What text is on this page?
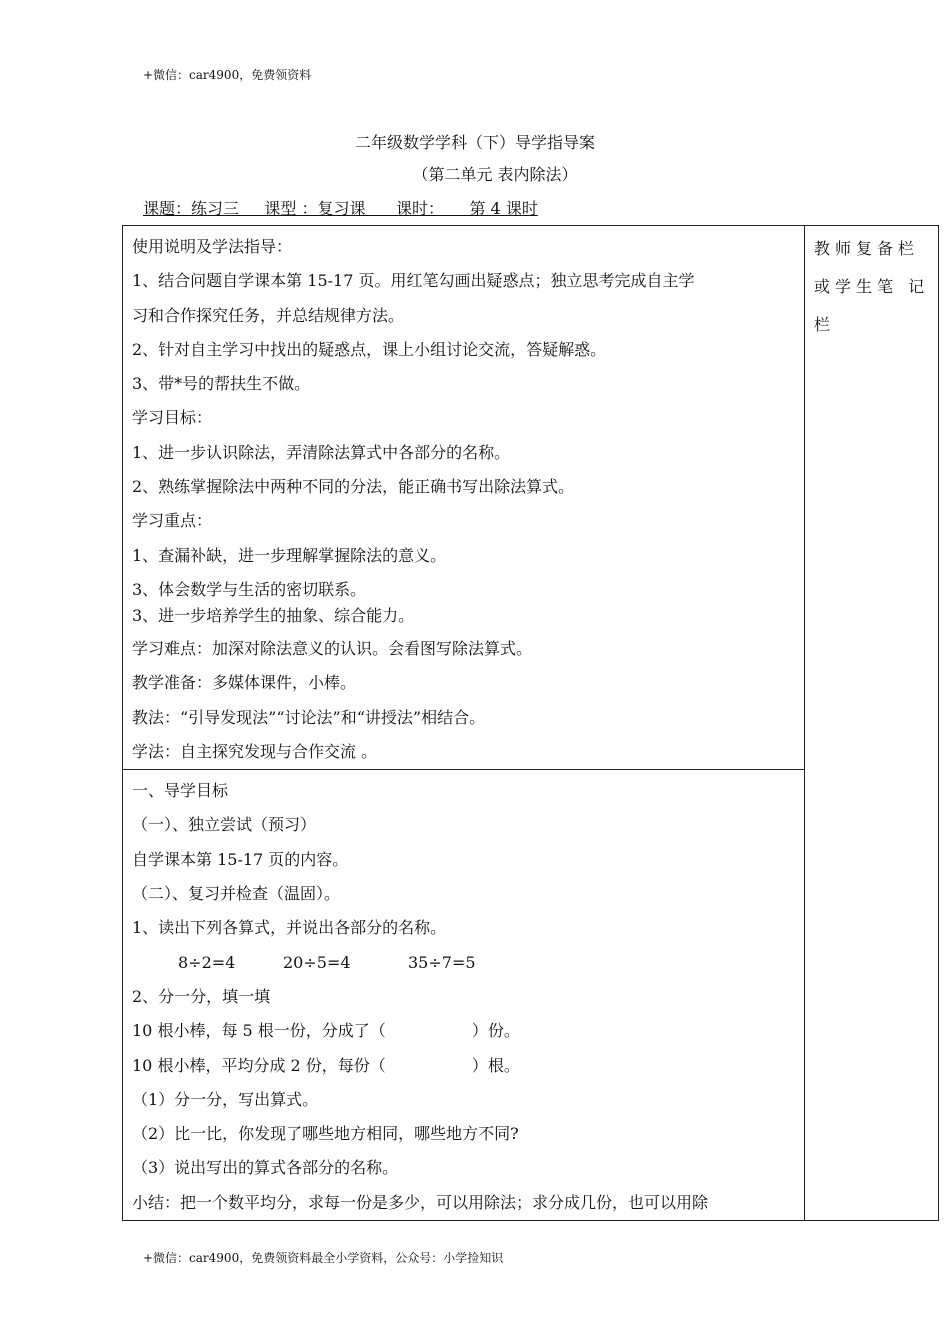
+微信：car4900，免费领资料
二年级数学学科（下）导学指导案
（第二单元 表内除法）
课题：练习三     课型 ：复习课      课时：     第 4 课时
使用说明及学法指导：
1、结合问题自学课本第 15-17 页。用红笔勾画出疑惑点；独立思考完成自主学
习和合作探究任务，并总结规律方法。
2、针对自主学习中找出的疑惑点，课上小组讨论交流，答疑解惑。
3、带*号的帮扶生不做。
学习目标：
1、进一步认识除法，弄清除法算式中各部分的名称。
2、熟练掌握除法中两种不同的分法，能正确书写出除法算式。
学习重点：
1、查漏补缺，进一步理解掌握除法的意义。
3、体会数学与生活的密切联系。
3、进一步培养学生的抽象、综合能力。
学习难点：加深对除法意义的认识。会看图写除法算式。
教学准备：多媒体课件，小棒。
教法：“引导发现法”“讨论法”和“讲授法”相结合。
学法：自主探究发现与合作交流 。

教师复备栏
或学生笔 记
栏

一、导学目标
（一）、独立尝试（预习）
自学课本第 15-17 页的内容。
（二）、复习并检查（温固）。
1、读出下列各算式，并说出各部分的名称。
8÷2=4	20÷5=4	35÷7=5
2、分一分，填一填
10 根小棒，每 5 根一份，分成了（	）份。
10 根小棒，平均分成 2 份，每份（	）根。
（1）分一分，写出算式。
（2）比一比，你发现了哪些地方相同，哪些地方不同?
（3）说出写出的算式各部分的名称。
小结：把一个数平均分，求每一份是多少，可以用除法；求分成几份，也可以用除
+微信：car4900，免费领资料最全小学资料，公众号：小学捡知识
